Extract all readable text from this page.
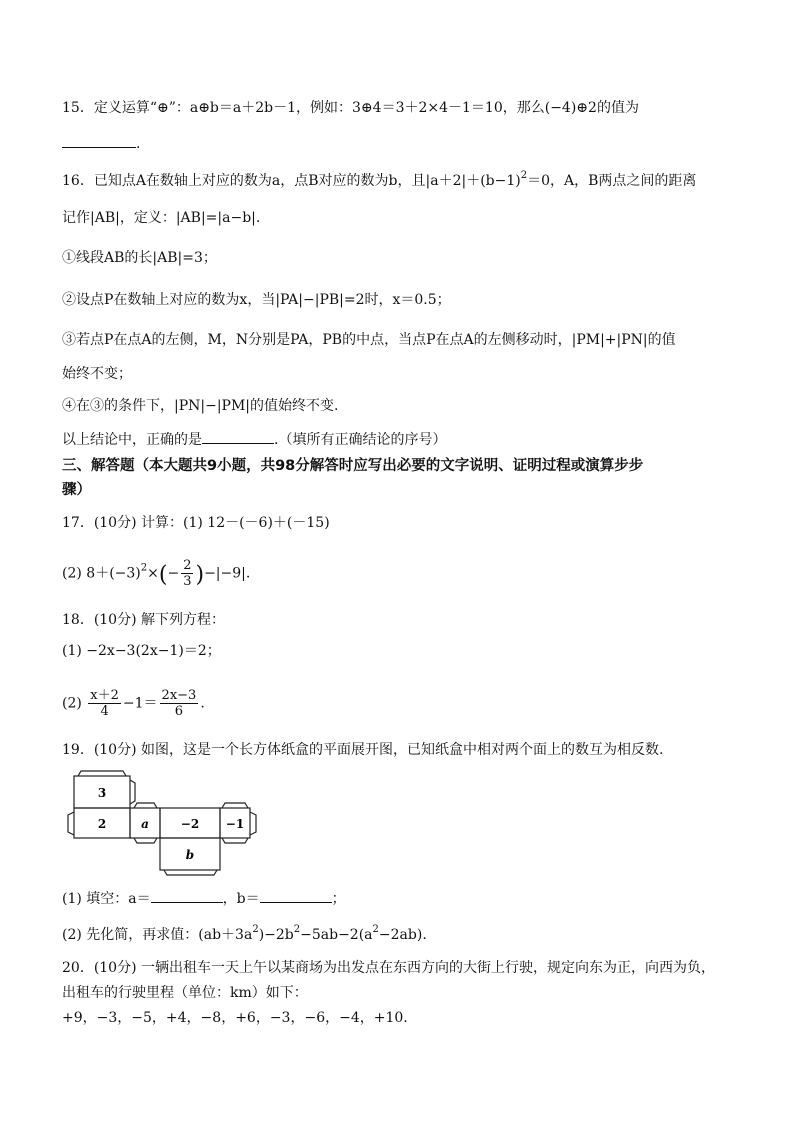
15．定义运算“⊕”：a⊕b＝a＋2b－1，例如：3⊕4＝3＋2×4－1＝10，那么(−4)⊕2的值为
.
16．已知点A在数轴上对应的数为a，点B对应的数为b，且$|a+2|+(b-1)^2=0$，A，B两点之间的距离
记作|AB|，定义：|AB|=|a−b|.
①线段AB的长|AB|=3；
②设点P在数轴上对应的数为x，当|PA|−|PB|=2时，x＝0.5；
③若点P在点A的左侧，M，N分别是PA，PB的中点，当点P在点A的左侧移动时，|PM|+|PN|的值
始终不变；
④在③的条件下，|PN|−|PM|的值始终不变.
以上结论中，正确的是	.（填所有正确结论的序号）
三、解答题（本大题共9小题，共98分解答时应写出必要的文字说明、证明过程或演算步步
骤）
17．(10分) 计算：(1) 12－(－6)＋(－15)
(2) $8+(-3)^2\times(- \frac{2}{3} )-|-9|$.
18．(10分) 解下列方程：
(1) −2x−3(2x−1)＝2；
$(2) \frac{x+2}{4} -1= \frac{2x-3}{6}$ .
19．(10分) 如图，这是一个长方体纸盒的平面展开图，已知纸盒中相对两个面上的数互为相反数.
3
2	a	−2 −1
b
(1) 填空：a＝	，b＝	；
(2) 先化简，再求值：$(ab+3a^2)-2b^2-5ab-2(a^2-2ab)$.
20．(10分) 一辆出租车一天上午以某商场为出发点在东西方向的大街上行驶，规定向东为正，向西为负，
出租车的行驶里程（单位：km）如下：
+9，−3，−5，+4，−8，+6，−3，−6，−4，+10.
